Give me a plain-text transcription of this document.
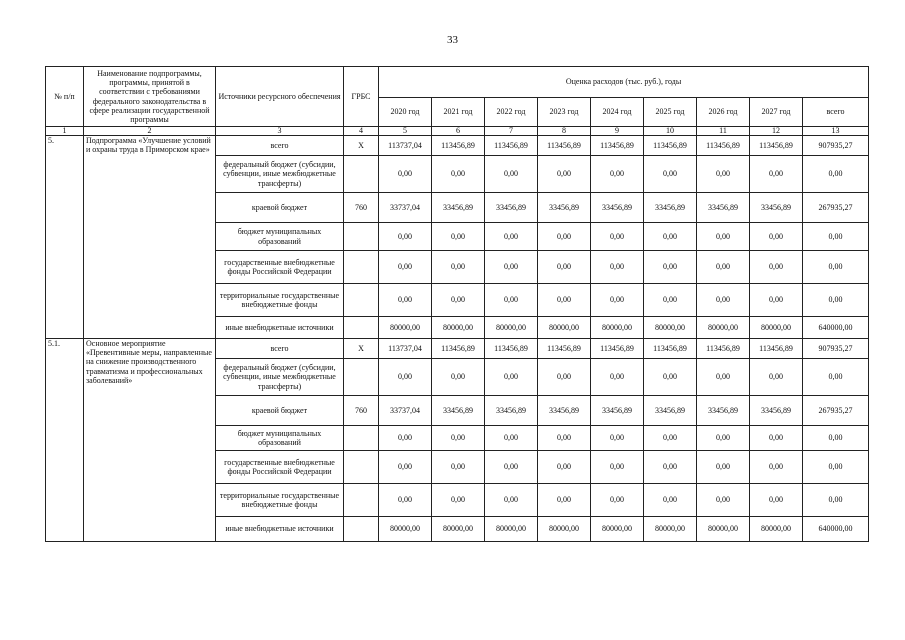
33
№ п/п	Наименование подпрограммы, программы, принятой в соответствии с требованиями федерального законодательства в сфере реализации государственной программы	Источники ресурсного обеспечения	ГРБС	Оценка расходов (тыс. руб.), годы								
				2020 год	2021 год	2022 год	2023 год	2024 год	2025 год	2026 год	2027 год	всего
1	2	3	4	5	6	7	8	9	10	11	12	13
5.	Подпрограмма «Улучшение условий и охраны труда в Приморском крае»	всего	X	113737,04	113456,89	113456,89	113456,89	113456,89	113456,89	113456,89	113456,89	907935,27
		федеральный бюджет (субсидии, субвенции, иные межбюджетные трансферты)		0,00	0,00	0,00	0,00	0,00	0,00	0,00	0,00	0,00
		краевой бюджет	760	33737,04	33456,89	33456,89	33456,89	33456,89	33456,89	33456,89	33456,89	267935,27
		бюджет муниципальных образований		0,00	0,00	0,00	0,00	0,00	0,00	0,00	0,00	0,00
		государственные внебюджетные фонды Российской Федерации		0,00	0,00	0,00	0,00	0,00	0,00	0,00	0,00	0,00
		территориальные государственные внебюджетные фонды		0,00	0,00	0,00	0,00	0,00	0,00	0,00	0,00	0,00
		иные внебюджетные источники		80000,00	80000,00	80000,00	80000,00	80000,00	80000,00	80000,00	80000,00	640000,00
5.1.	Основное мероприятие «Превентивные меры, направленные на снижение производственного травматизма и профессиональных заболеваний»	всего	X	113737,04	113456,89	113456,89	113456,89	113456,89	113456,89	113456,89	113456,89	907935,27
		федеральный бюджет (субсидии, субвенции, иные межбюджетные трансферты)		0,00	0,00	0,00	0,00	0,00	0,00	0,00	0,00	0,00
		краевой бюджет	760	33737,04	33456,89	33456,89	33456,89	33456,89	33456,89	33456,89	33456,89	267935,27
		бюджет муниципальных образований		0,00	0,00	0,00	0,00	0,00	0,00	0,00	0,00	0,00
		государственные внебюджетные фонды Российской Федерации		0,00	0,00	0,00	0,00	0,00	0,00	0,00	0,00	0,00
		территориальные государственные внебюджетные фонды		0,00	0,00	0,00	0,00	0,00	0,00	0,00	0,00	0,00
		иные внебюджетные источники		80000,00	80000,00	80000,00	80000,00	80000,00	80000,00	80000,00	80000,00	640000,00
